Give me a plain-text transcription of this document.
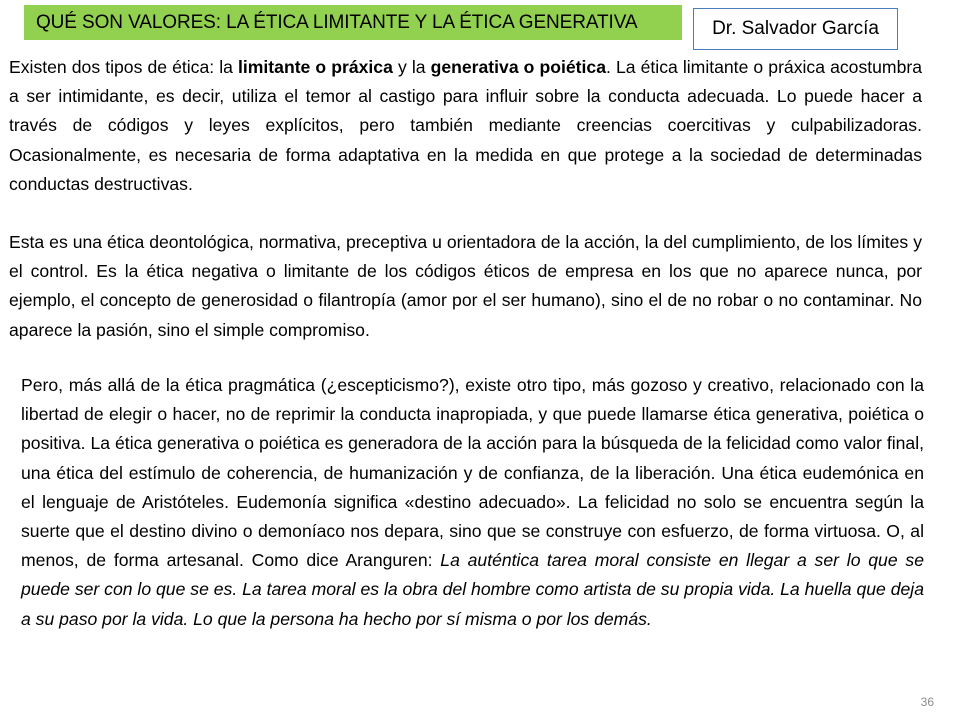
QUÉ SON VALORES: LA ÉTICA LIMITANTE Y LA ÉTICA GENERATIVA	Dr. Salvador García

Existen dos tipos de ética: la limitante o práxica y la generativa o poiética. La ética limitante o práxica acostumbra a ser intimidante, es decir, utiliza el temor al castigo para influir sobre la conducta adecuada. Lo puede hacer a través de códigos y leyes explícitos, pero también mediante creencias coercitivas y culpabilizadoras. Ocasionalmente, es necesaria de forma adaptativa en la medida en que protege a la sociedad de determinadas conductas destructivas.

Esta es una ética deontológica, normativa, preceptiva u orientadora de la acción, la del cumplimiento, de los límites y el control. Es la ética negativa o limitante de los códigos éticos de empresa en los que no aparece nunca, por ejemplo, el concepto de generosidad o filantropía (amor por el ser humano), sino el de no robar o no contaminar. No aparece la pasión, sino el simple compromiso.

Pero, más allá de la ética pragmática (¿escepticismo?), existe otro tipo, más gozoso y creativo, relacionado con la libertad de elegir o hacer, no de reprimir la conducta inapropiada, y que puede llamarse ética generativa, poiética o positiva. La ética generativa o poiética es generadora de la acción para la búsqueda de la felicidad como valor final, una ética del estímulo de coherencia, de humanización y de confianza, de la liberación. Una ética eudemónica en el lenguaje de Aristóteles. Eudemonía significa «destino adecuado». La felicidad no solo se encuentra según la suerte que el destino divino o demoníaco nos depara, sino que se construye con esfuerzo, de forma virtuosa. O, al menos, de forma artesanal. Como dice Aranguren: La auténtica tarea moral consiste en llegar a ser lo que se puede ser con lo que se es. La tarea moral es la obra del hombre como artista de su propia vida. La huella que deja a su paso por la vida. Lo que la persona ha hecho por sí misma o por los demás.

36
